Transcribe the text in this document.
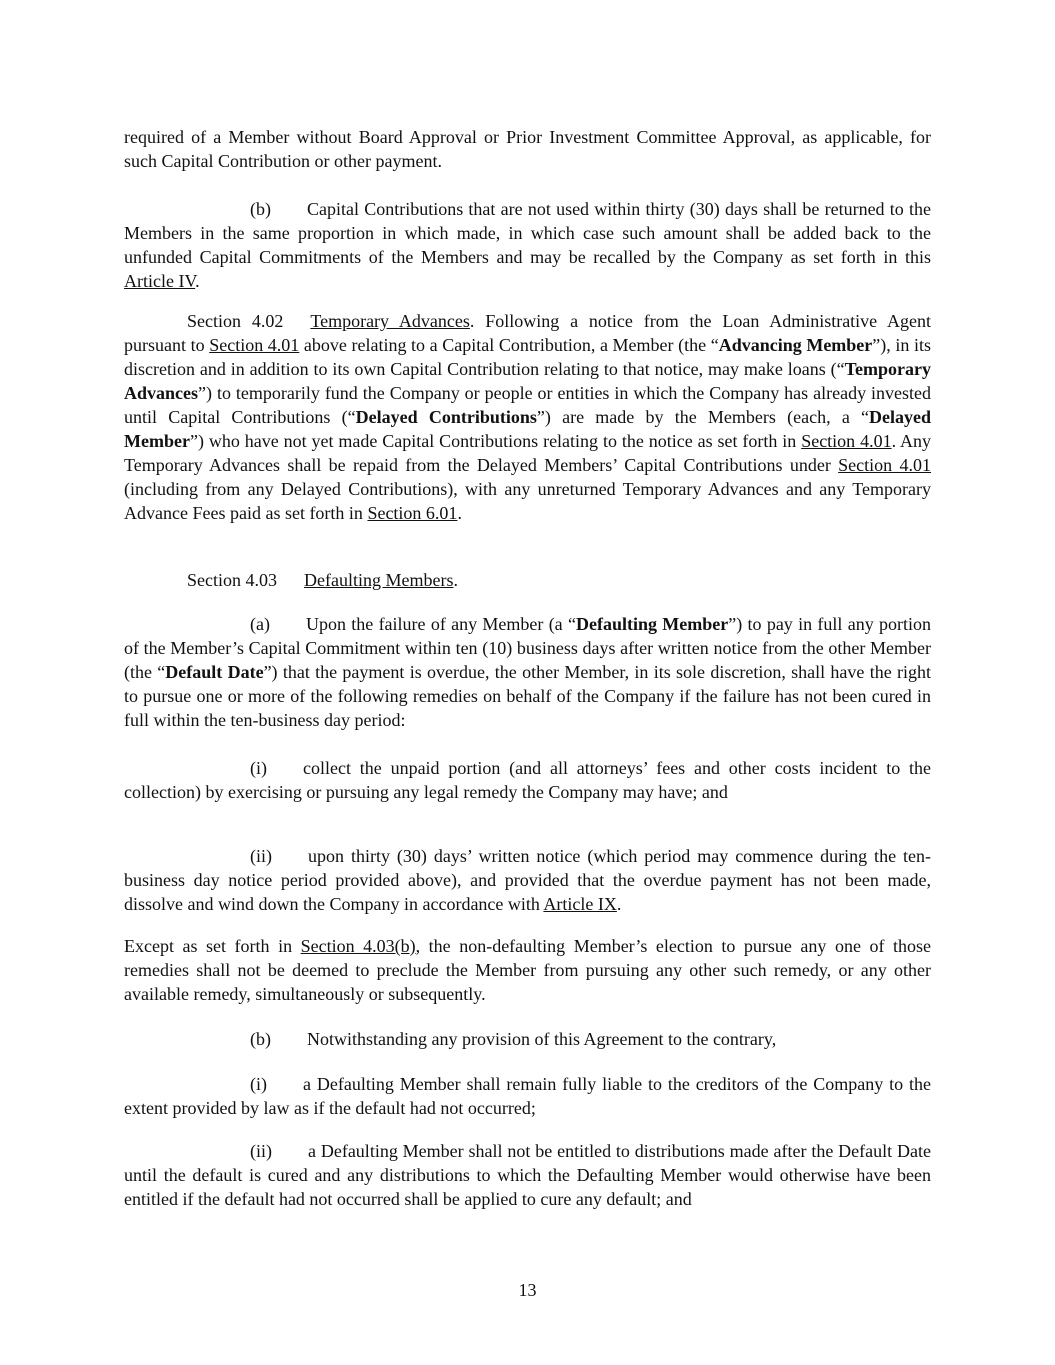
required of a Member without Board Approval or Prior Investment Committee Approval, as applicable, for such Capital Contribution or other payment.

(b)  Capital Contributions that are not used within thirty (30) days shall be returned to the Members in the same proportion in which made, in which case such amount shall be added back to the unfunded Capital Commitments of the Members and may be recalled by the Company as set forth in this Article IV.

Section 4.02  Temporary Advances. Following a notice from the Loan Administrative Agent pursuant to Section 4.01 above relating to a Capital Contribution, a Member (the “Advancing Member”), in its discretion and in addition to its own Capital Contribution relating to that notice, may make loans (“Temporary Advances”) to temporarily fund the Company or people or entities in which the Company has already invested until Capital Contributions (“Delayed Contributions”) are made by the Members (each, a “Delayed Member”) who have not yet made Capital Contributions relating to the notice as set forth in Section 4.01. Any Temporary Advances shall be repaid from the Delayed Members’ Capital Contributions under Section 4.01 (including from any Delayed Contributions), with any unreturned Temporary Advances and any Temporary Advance Fees paid as set forth in Section 6.01.

Section 4.03  Defaulting Members.

(a)  Upon the failure of any Member (a “Defaulting Member”) to pay in full any portion of the Member’s Capital Commitment within ten (10) business days after written notice from the other Member (the “Default Date”) that the payment is overdue, the other Member, in its sole discretion, shall have the right to pursue one or more of the following remedies on behalf of the Company if the failure has not been cured in full within the ten-business day period:

(i)  collect the unpaid portion (and all attorneys’ fees and other costs incident to the collection) by exercising or pursuing any legal remedy the Company may have; and

(ii)  upon thirty (30) days’ written notice (which period may commence during the ten-business day notice period provided above), and provided that the overdue payment has not been made, dissolve and wind down the Company in accordance with Article IX.

Except as set forth in Section 4.03(b), the non-defaulting Member’s election to pursue any one of those remedies shall not be deemed to preclude the Member from pursuing any other such remedy, or any other available remedy, simultaneously or subsequently.

(b)  Notwithstanding any provision of this Agreement to the contrary,

(i)  a Defaulting Member shall remain fully liable to the creditors of the Company to the extent provided by law as if the default had not occurred;

(ii)  a Defaulting Member shall not be entitled to distributions made after the Default Date until the default is cured and any distributions to which the Defaulting Member would otherwise have been entitled if the default had not occurred shall be applied to cure any default; and

13
